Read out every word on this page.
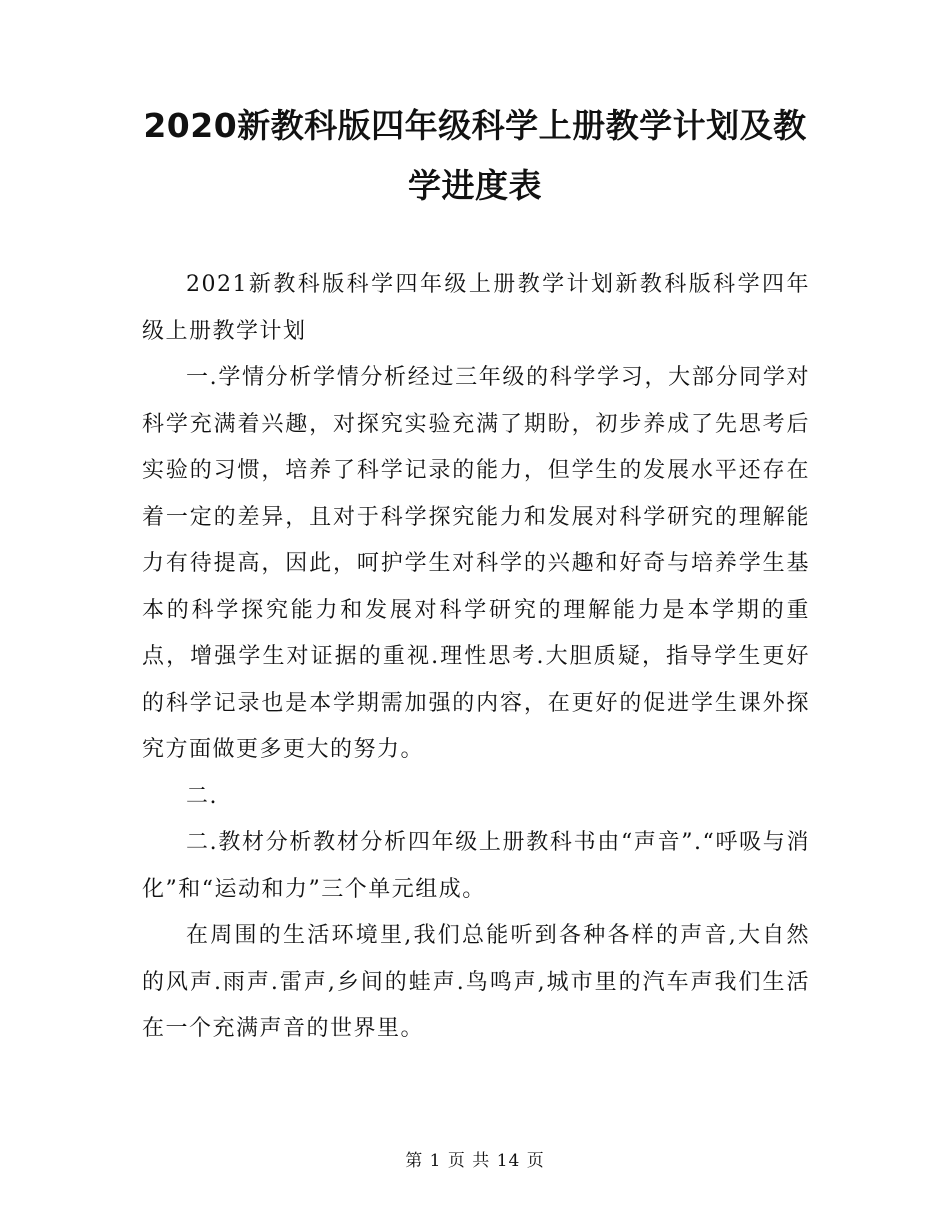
2020新教科版四年级科学上册教学计划及教学进度表

2021新教科版科学四年级上册教学计划新教科版科学四年级上册教学计划

一.学情分析学情分析经过三年级的科学学习，大部分同学对科学充满着兴趣，对探究实验充满了期盼，初步养成了先思考后实验的习惯，培养了科学记录的能力，但学生的发展水平还存在着一定的差异，且对于科学探究能力和发展对科学研究的理解能力有待提高，因此，呵护学生对科学的兴趣和好奇与培养学生基本的科学探究能力和发展对科学研究的理解能力是本学期的重点，增强学生对证据的重视.理性思考.大胆质疑，指导学生更好的科学记录也是本学期需加强的内容，在更好的促进学生课外探究方面做更多更大的努力。

二.

二.教材分析教材分析四年级上册教科书由“声音”.“呼吸与消化”和“运动和力”三个单元组成。

在周围的生活环境里,我们总能听到各种各样的声音,大自然的风声.雨声.雷声,乡间的蛙声.鸟鸣声,城市里的汽车声我们生活在一个充满声音的世界里。

第 1 页 共 14 页
